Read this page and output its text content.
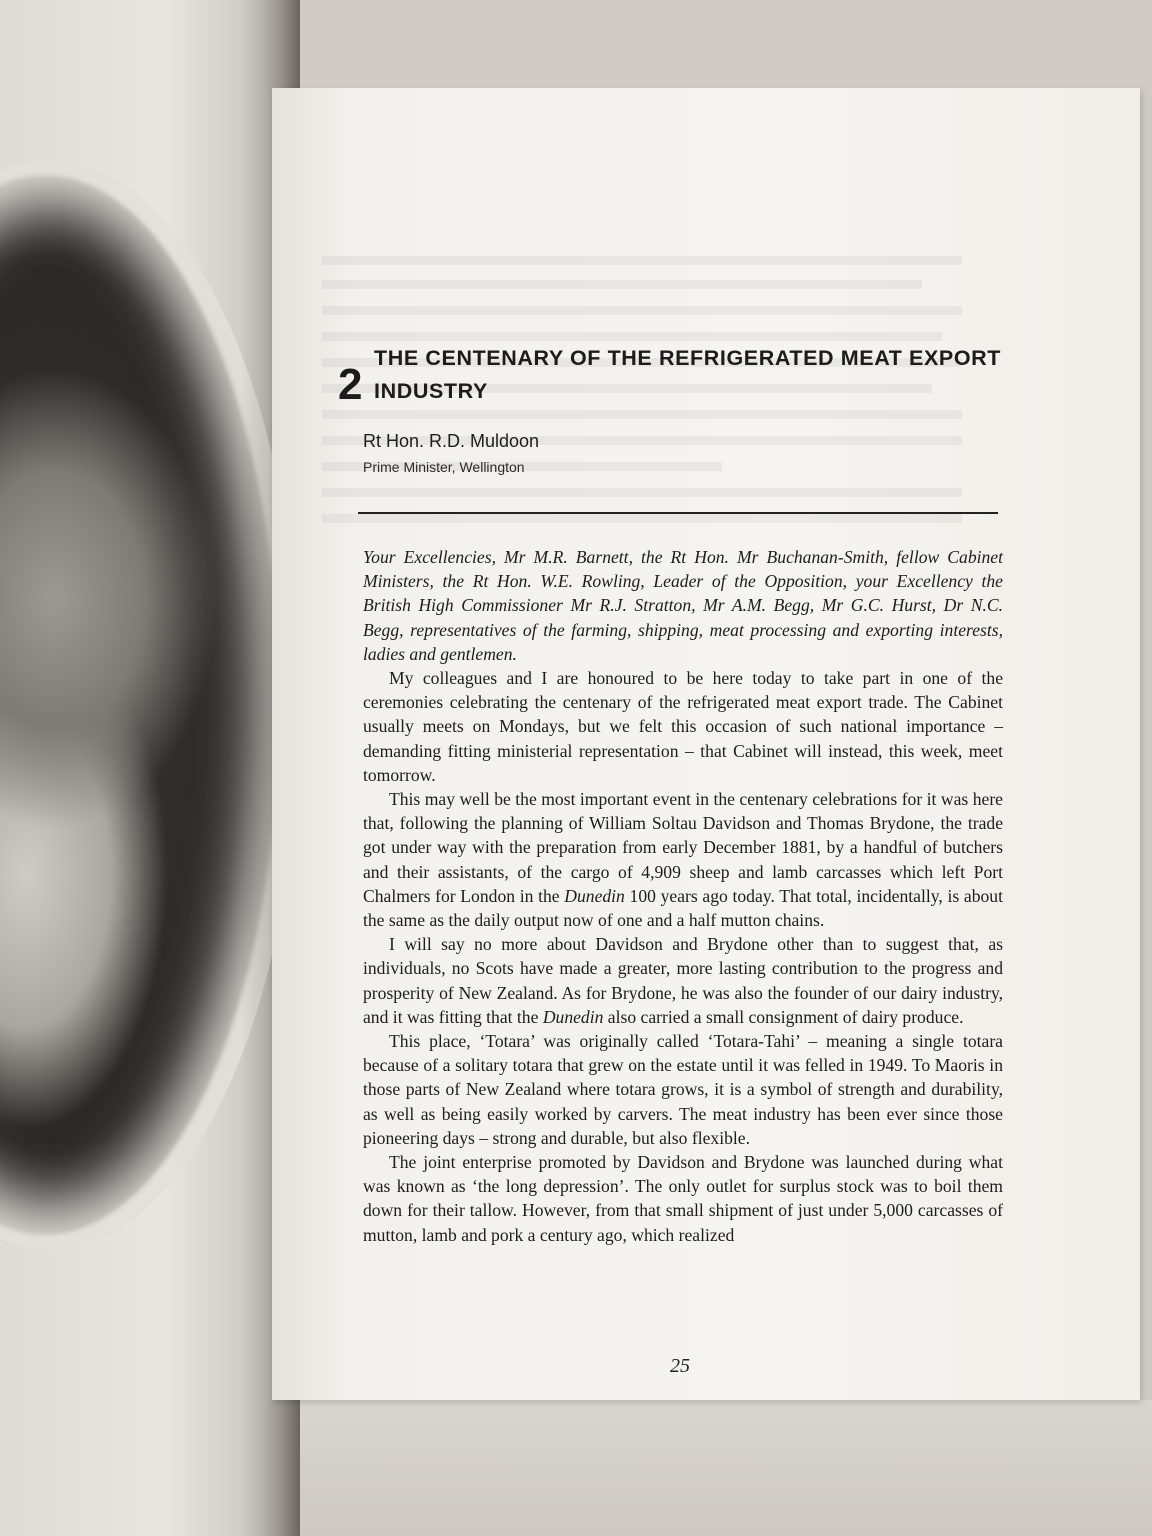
2
THE CENTENARY OF THE REFRIGERATED MEAT EXPORT INDUSTRY
Rt Hon. R.D. Muldoon
Prime Minister, Wellington

Your Excellencies, Mr M.R. Barnett, the Rt Hon. Mr Buchanan-Smith, fellow Cabinet Ministers, the Rt Hon. W.E. Rowling, Leader of the Opposition, your Excellency the British High Commissioner Mr R.J. Stratton, Mr A.M. Begg, Mr G.C. Hurst, Dr N.C. Begg, representatives of the farming, shipping, meat processing and exporting interests, ladies and gentlemen.

My colleagues and I are honoured to be here today to take part in one of the ceremonies celebrating the centenary of the refrigerated meat export trade. The Cabinet usually meets on Mondays, but we felt this occasion of such national importance – demanding fitting ministerial representation – that Cabinet will instead, this week, meet tomorrow.

This may well be the most important event in the centenary celebrations for it was here that, following the planning of William Soltau Davidson and Thomas Brydone, the trade got under way with the preparation from early December 1881, by a handful of butchers and their assistants, of the cargo of 4,909 sheep and lamb carcasses which left Port Chalmers for London in the Dunedin 100 years ago today. That total, incidentally, is about the same as the daily output now of one and a half mutton chains.

I will say no more about Davidson and Brydone other than to suggest that, as individuals, no Scots have made a greater, more lasting contribution to the progress and prosperity of New Zealand. As for Brydone, he was also the founder of our dairy industry, and it was fitting that the Dunedin also carried a small consignment of dairy produce.

This place, ‘Totara’ was originally called ‘Totara-Tahi’ – meaning a single totara because of a solitary totara that grew on the estate until it was felled in 1949. To Maoris in those parts of New Zealand where totara grows, it is a symbol of strength and durability, as well as being easily worked by carvers. The meat industry has been ever since those pioneering days – strong and durable, but also flexible.

The joint enterprise promoted by Davidson and Brydone was launched during what was known as ‘the long depression’. The only outlet for surplus stock was to boil them down for their tallow. However, from that small shipment of just under 5,000 carcasses of mutton, lamb and pork a century ago, which realized

25
